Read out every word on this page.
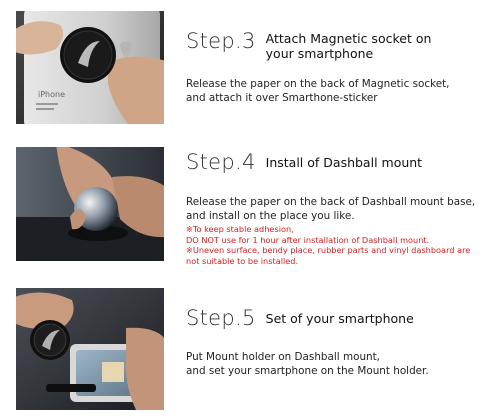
iPhone
Step.3 Attach Magnetic socket on
your smartphone
Release the paper on the back of Magnetic socket,
and attach it over Smarthone-sticker
Step.4 Install of Dashball mount
Release the paper on the back of Dashball mount base,
and install on the place you like.
※To keep stable adhesion,
DO NOT use for 1 hour after installation of Dashball mount.
※Uneven surface, bendy place, rubber parts and vinyl dashboard are
not suitable to be installed.
Step.5 Set of your smartphone
Put Mount holder on Dashball mount,
and set your smartphone on the Mount holder.
